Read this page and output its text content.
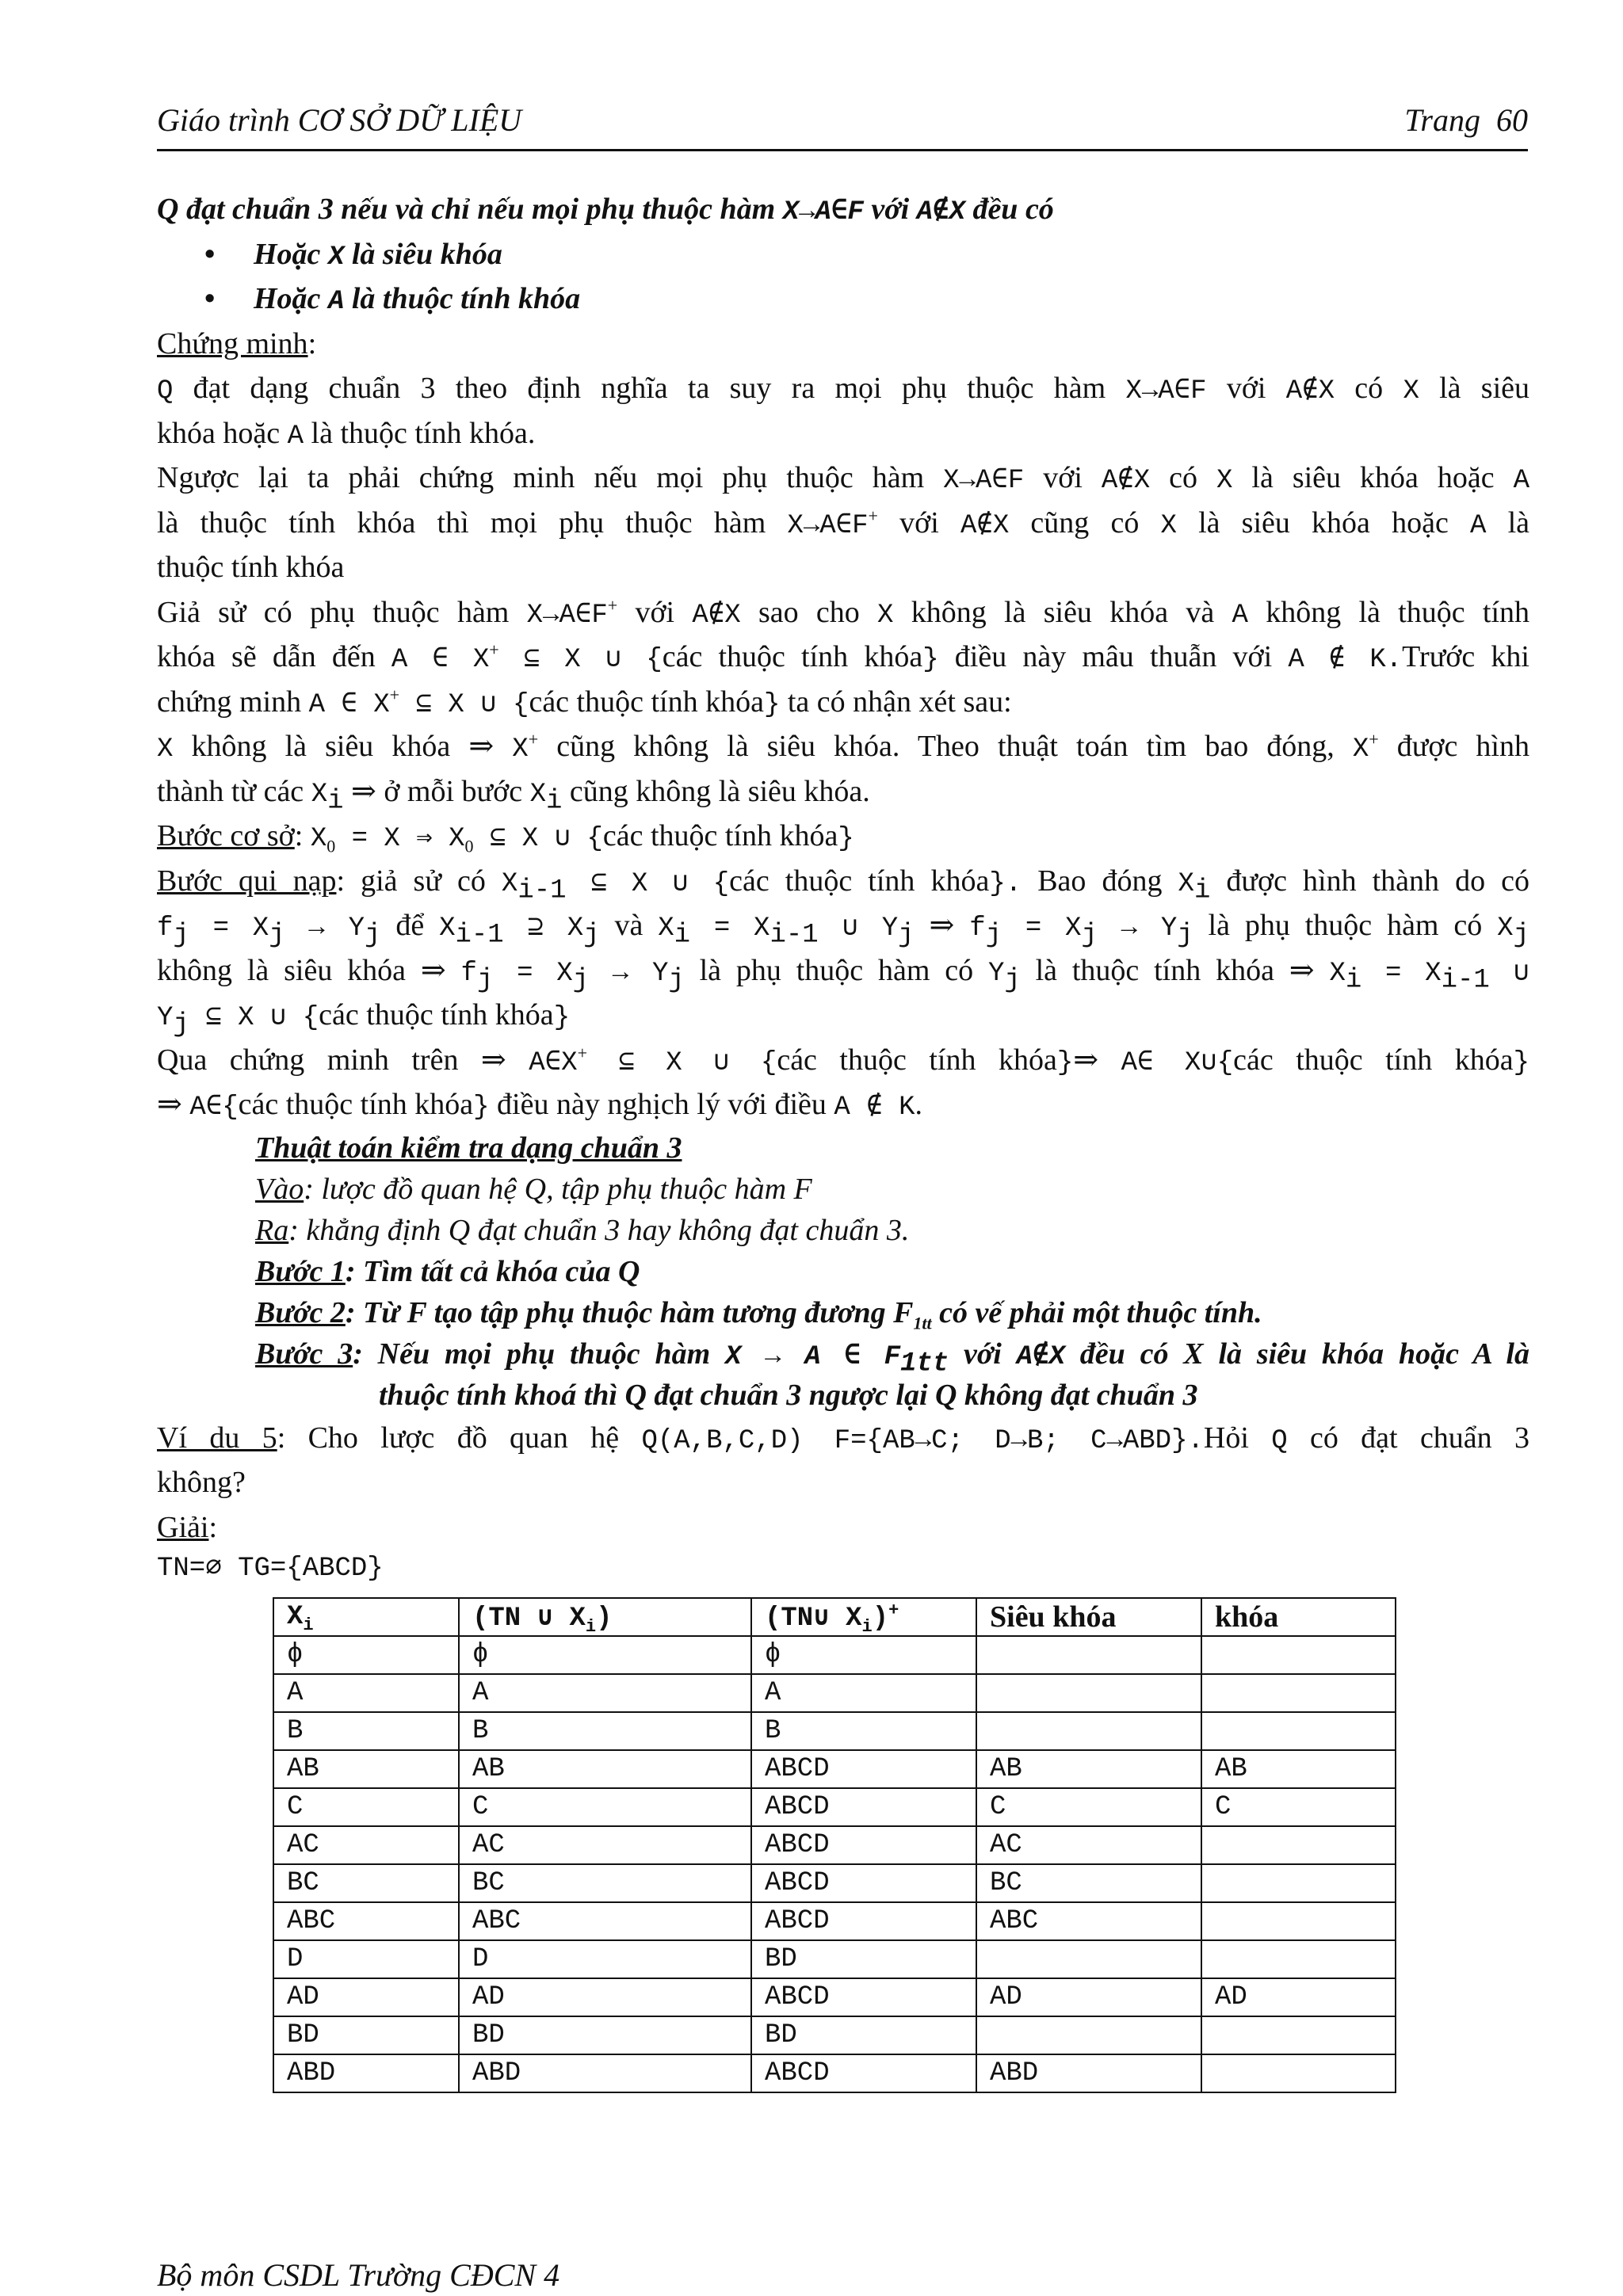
Giáo trình CƠ SỞ DỮ LIỆU	Trang 60
Q đạt chuẩn 3 nếu và chỉ nếu mọi phụ thuộc hàm X→A∈F với A∉X đều có
• Hoặc X là siêu khóa
• Hoặc A là thuộc tính khóa
Chứng minh:
Q đạt dạng chuẩn 3 theo định nghĩa ta suy ra mọi phụ thuộc hàm X→A∈F với A∉X có X là siêu
khóa hoặc A là thuộc tính khóa.
Ngược lại ta phải chứng minh nếu mọi phụ thuộc hàm X→A∈F với A∉X có X là siêu khóa hoặc A
là thuộc tính khóa thì mọi phụ thuộc hàm X→A∈F+ với A∉X cũng có X là siêu khóa hoặc A là
thuộc tính khóa
Giả sử có phụ thuộc hàm X→A∈F+ với A∉X sao cho X không là siêu khóa và A không là thuộc tính
khóa sẽ dẫn đến A ∈ X+ ⊆ X ∪ {các thuộc tính khóa} điều này mâu thuẫn với A ∉ K.Trước khi
chứng minh A ∈ X+ ⊆ X ∪ {các thuộc tính khóa} ta có nhận xét sau:
X không là siêu khóa ⇒ X+ cũng không là siêu khóa. Theo thuật toán tìm bao đóng, X+ được hình
thành từ các $X_i$ ⇒ ở mỗi bước $X_i$ cũng không là siêu khóa.
Bước cơ sở: $X_0 = X$ ⇒ $X_0$ ⊆ X ∪ {các thuộc tính khóa}
Bước qui nạp: giả sử có $X_{i-1}$ ⊆ X ∪ {các thuộc tính khóa}. Bao đóng $X_i$ được hình thành do có
$f_j = X_j \to Y_j$ để $X_{i-1}$ ⊇ $X_j$ và $X_i = X_{i-1}$ ∪ $Y_j$ ⇒ $f_j = X_j \to Y_j$ là phụ thuộc hàm có $X_j$
không là siêu khóa ⇒ $f_j = X_j \to Y_j$ là phụ thuộc hàm có $Y_j$ là thuộc tính khóa ⇒ $X_i = X_{i-1}$ ∪
$Y_j$ ⊆ X ∪ {các thuộc tính khóa}
Qua chứng minh trên ⇒ A∈X+ ⊆ X ∪ {các thuộc tính khóa}⇒ A∈ X∪{các thuộc tính khóa}
⇒ A∈{các thuộc tính khóa} điều này nghịch lý với điều A ∉ K.
Thuật toán kiểm tra dạng chuẩn 3
Vào: lược đồ quan hệ Q, tập phụ thuộc hàm F
Ra: khẳng định Q đạt chuẩn 3 hay không đạt chuẩn 3.
Bước 1: Tìm tất cả khóa của Q
Bước 2: Từ F tạo tập phụ thuộc hàm tương đương $F_{1tt}$ có vế phải một thuộc tính.
Bước 3: Nếu mọi phụ thuộc hàm X → A ∈ $F_{1tt}$ với A∉X đều có X là siêu khóa hoặc A là
thuộc tính khoá thì Q đạt chuẩn 3 ngược lại Q không đạt chuẩn 3
Ví du 5: Cho lược đồ quan hệ Q(A,B,C,D) F={AB→C; D→B; C→ABD}.Hỏi Q có đạt chuẩn 3
không?
Giải:
TN=∅ TG={ABCD}
$X_i$	(TN ∪ $X_i$)	(TN∪ $X_i)^+$	Siêu khóa	khóa
ϕ	ϕ	ϕ		
A	A	A		
B	B	B		
AB	AB	ABCD	AB	AB
C	C	ABCD	C	C
AC	AC	ABCD	AC	
BC	BC	ABCD	BC	
ABC	ABC	ABCD	ABC	
D	D	BD		
AD	AD	ABCD	AD	AD
BD	BD	BD		
ABD	ABD	ABCD	ABD	
Bộ môn CSDL Trường CĐCN 4
